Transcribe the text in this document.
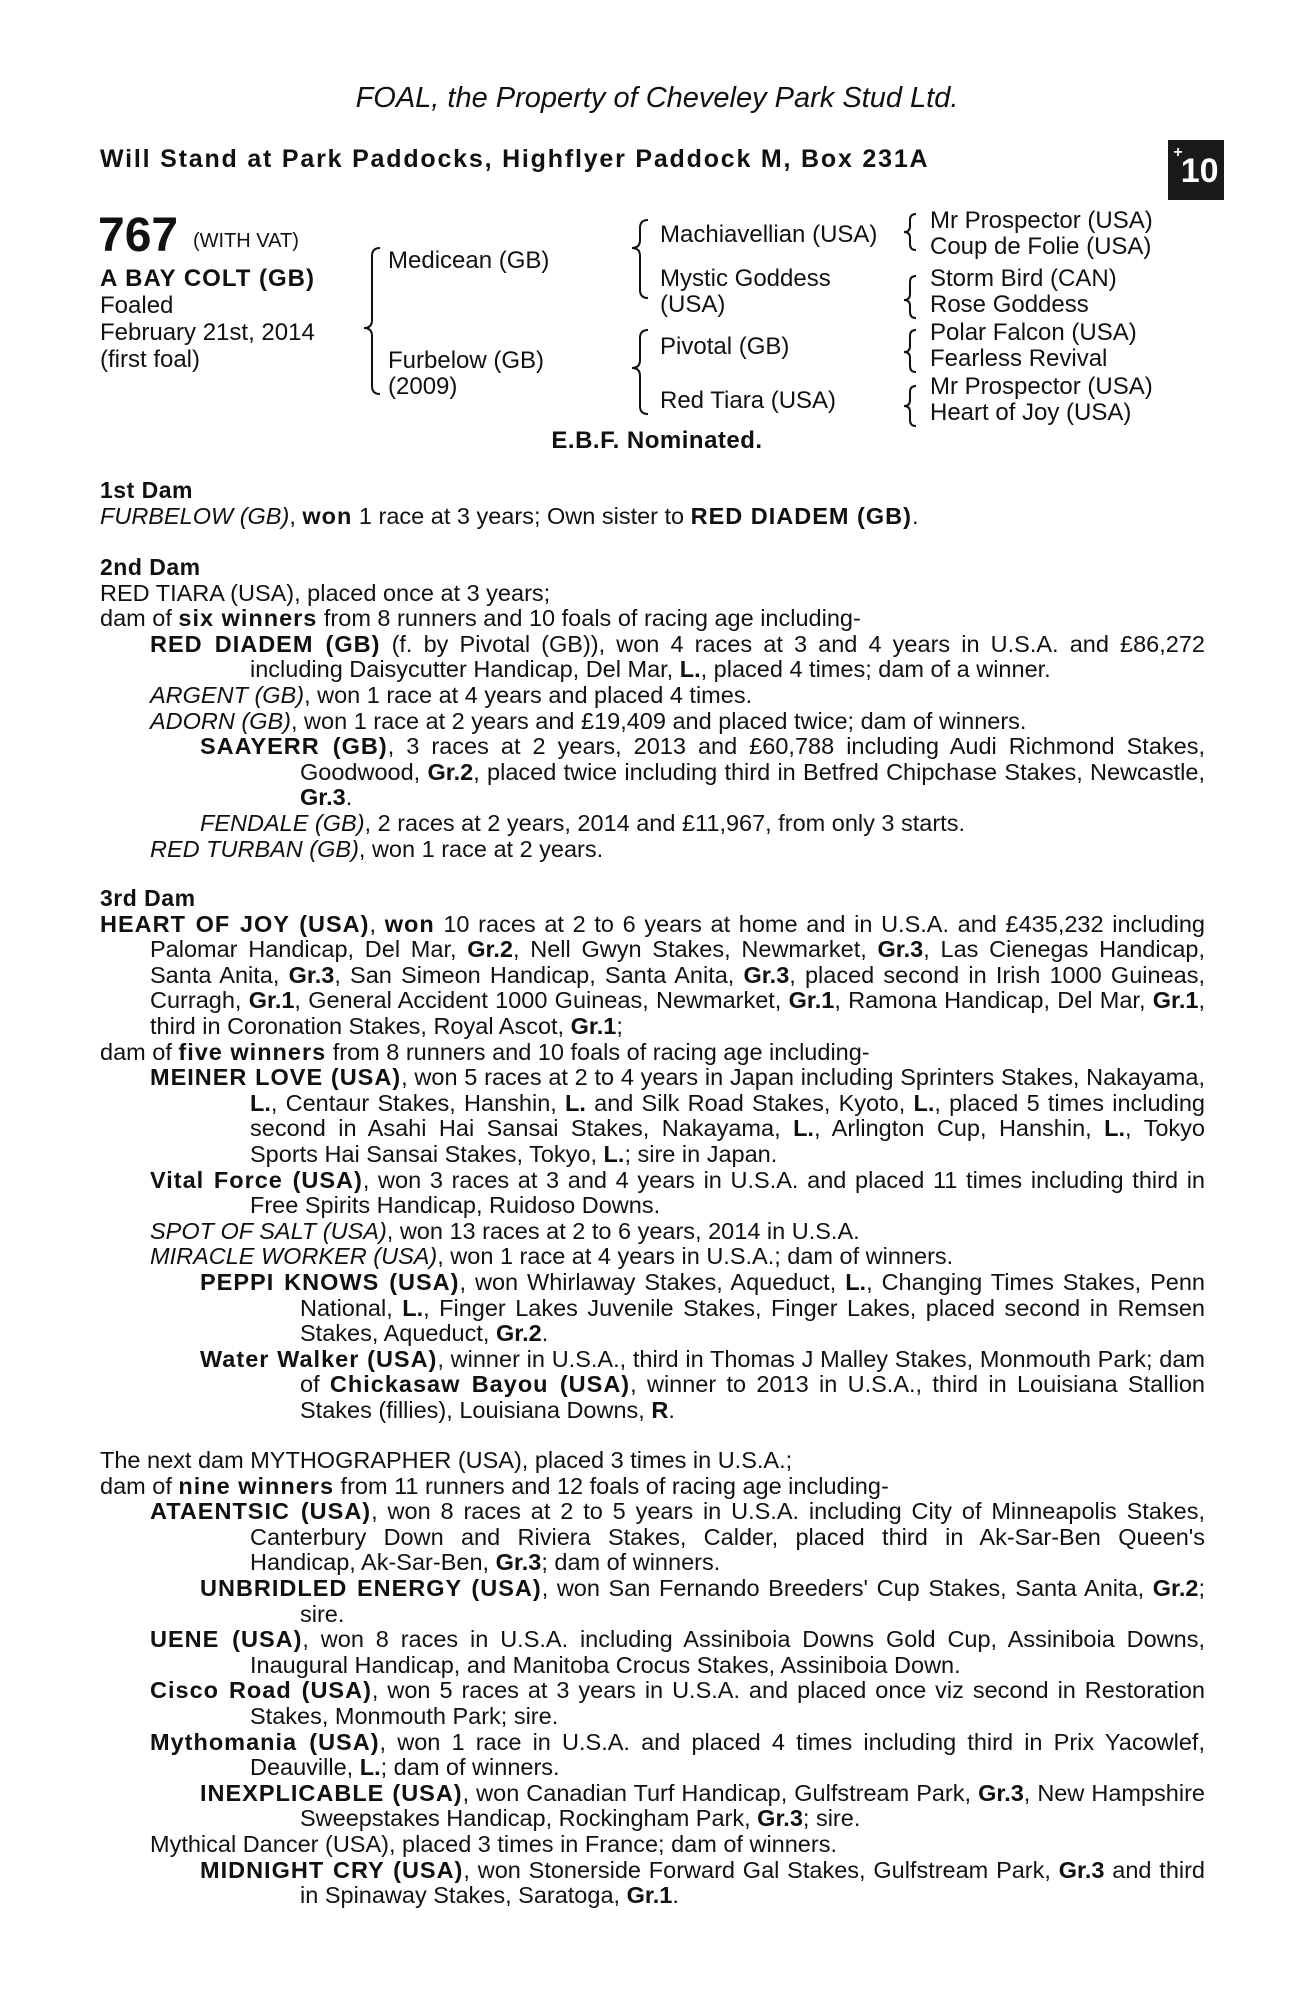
FOAL, the Property of Cheveley Park Stud Ltd.
Will Stand at Park Paddocks, Highflyer Paddock M, Box 231A	+10
767 (WITH VAT)
A BAY COLT (GB)
Foaled
February 21st, 2014
(first foal)
Medicean (GB)
Furbelow (GB)
(2009)
Machiavellian (USA)
Mystic Goddess
(USA)
Pivotal (GB)
Red Tiara (USA)
Mr Prospector (USA)
Coup de Folie (USA)
Storm Bird (CAN)
Rose Goddess
Polar Falcon (USA)
Fearless Revival
Mr Prospector (USA)
Heart of Joy (USA)
E.B.F. Nominated.

1st Dam

FURBELOW (GB), won 1 race at 3 years; Own sister to RED DIADEM (GB).

2nd Dam

RED TIARA (USA), placed once at 3 years;

dam of six winners from 8 runners and 10 foals of racing age including-

RED DIADEM (GB) (f. by Pivotal (GB)), won 4 races at 3 and 4 years in U.S.A. and £86,272 including Daisycutter Handicap, Del Mar, L., placed 4 times; dam of a winner.

ARGENT (GB), won 1 race at 4 years and placed 4 times.

ADORN (GB), won 1 race at 2 years and £19,409 and placed twice; dam of winners.

SAAYERR (GB), 3 races at 2 years, 2013 and £60,788 including Audi Richmond Stakes, Goodwood, Gr.2, placed twice including third in Betfred Chipchase Stakes, Newcastle, Gr.3.

FENDALE (GB), 2 races at 2 years, 2014 and £11,967, from only 3 starts.

RED TURBAN (GB), won 1 race at 2 years.

3rd Dam

HEART OF JOY (USA), won 10 races at 2 to 6 years at home and in U.S.A. and £435,232 including Palomar Handicap, Del Mar, Gr.2, Nell Gwyn Stakes, Newmarket, Gr.3, Las Cienegas Handicap, Santa Anita, Gr.3, San Simeon Handicap, Santa Anita, Gr.3, placed second in Irish 1000 Guineas, Curragh, Gr.1, General Accident 1000 Guineas, Newmarket, Gr.1, Ramona Handicap, Del Mar, Gr.1, third in Coronation Stakes, Royal Ascot, Gr.1;

dam of five winners from 8 runners and 10 foals of racing age including-

MEINER LOVE (USA), won 5 races at 2 to 4 years in Japan including Sprinters Stakes, Nakayama, L., Centaur Stakes, Hanshin, L. and Silk Road Stakes, Kyoto, L., placed 5 times including second in Asahi Hai Sansai Stakes, Nakayama, L., Arlington Cup, Hanshin, L., Tokyo Sports Hai Sansai Stakes, Tokyo, L.; sire in Japan.

Vital Force (USA), won 3 races at 3 and 4 years in U.S.A. and placed 11 times including third in Free Spirits Handicap, Ruidoso Downs.

SPOT OF SALT (USA), won 13 races at 2 to 6 years, 2014 in U.S.A.

MIRACLE WORKER (USA), won 1 race at 4 years in U.S.A.; dam of winners.

PEPPI KNOWS (USA), won Whirlaway Stakes, Aqueduct, L., Changing Times Stakes, Penn National, L., Finger Lakes Juvenile Stakes, Finger Lakes, placed second in Remsen Stakes, Aqueduct, Gr.2.

Water Walker (USA), winner in U.S.A., third in Thomas J Malley Stakes, Monmouth Park; dam of Chickasaw Bayou (USA), winner to 2013 in U.S.A., third in Louisiana Stallion Stakes (fillies), Louisiana Downs, R.

The next dam MYTHOGRAPHER (USA), placed 3 times in U.S.A.;

dam of nine winners from 11 runners and 12 foals of racing age including-

ATAENTSIC (USA), won 8 races at 2 to 5 years in U.S.A. including City of Minneapolis Stakes, Canterbury Down and Riviera Stakes, Calder, placed third in Ak-Sar-Ben Queen's Handicap, Ak-Sar-Ben, Gr.3; dam of winners.

UNBRIDLED ENERGY (USA), won San Fernando Breeders' Cup Stakes, Santa Anita, Gr.2; sire.

UENE (USA), won 8 races in U.S.A. including Assiniboia Downs Gold Cup, Assiniboia Downs, Inaugural Handicap, and Manitoba Crocus Stakes, Assiniboia Down.

Cisco Road (USA), won 5 races at 3 years in U.S.A. and placed once viz second in Restoration Stakes, Monmouth Park; sire.

Mythomania (USA), won 1 race in U.S.A. and placed 4 times including third in Prix Yacowlef, Deauville, L.; dam of winners.

INEXPLICABLE (USA), won Canadian Turf Handicap, Gulfstream Park, Gr.3, New Hampshire Sweepstakes Handicap, Rockingham Park, Gr.3; sire.

Mythical Dancer (USA), placed 3 times in France; dam of winners.

MIDNIGHT CRY (USA), won Stonerside Forward Gal Stakes, Gulfstream Park, Gr.3 and third in Spinaway Stakes, Saratoga, Gr.1.
